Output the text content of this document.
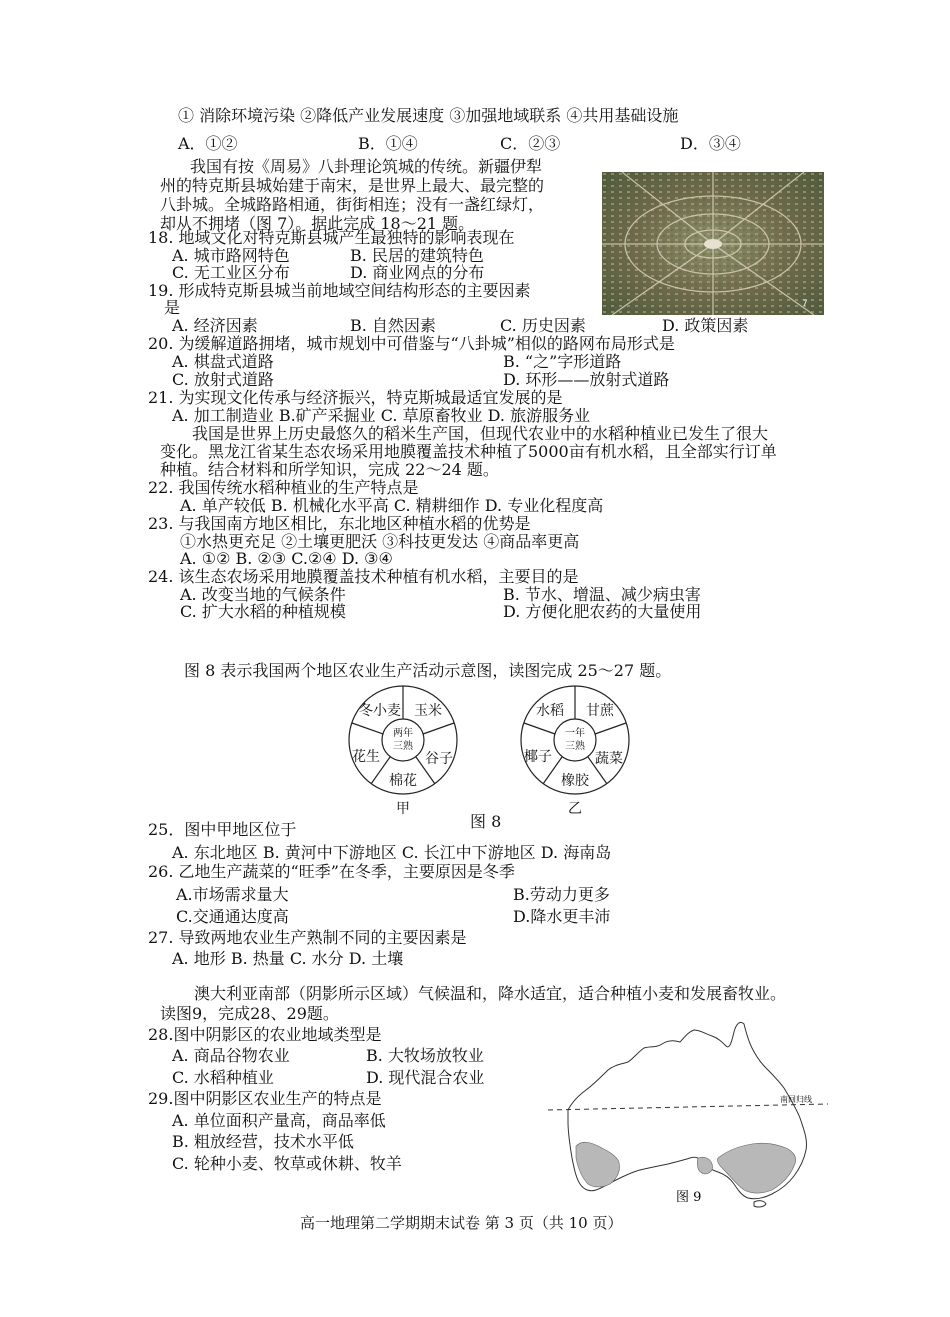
① 消除环境污染 ②降低产业发展速度 ③加强地域联系 ④共用基础设施
A．①②	B．①④	C．②③	D．③④
我国有按《周易》八卦理论筑城的传统。新疆伊犁
州的特克斯县城始建于南宋，是世界上最大、最完整的
八卦城。全城路路相通，街街相连；没有一盏红绿灯，
却从不拥堵（图 7）。据此完成 18～21 题。
7
18. 地域文化对特克斯县城产生最独特的影响表现在
A. 城市路网特色	B. 民居的建筑特色
C. 无工业区分布	D. 商业网点的分布
19. 形成特克斯县城当前地域空间结构形态的主要因素
是
A. 经济因素	B. 自然因素	C. 历史因素	D. 政策因素
20. 为缓解道路拥堵，城市规划中可借鉴与“八卦城”相似的路网布局形式是
A. 棋盘式道路	B. “之”字形道路
C. 放射式道路	D. 环形——放射式道路
21. 为实现文化传承与经济振兴，特克斯城最适宜发展的是
A. 加工制造业 B.矿产采掘业 C. 草原畜牧业 D. 旅游服务业
我国是世界上历史最悠久的稻米生产国，但现代农业中的水稻种植业已发生了很大
变化。黑龙江省某生态农场采用地膜覆盖技术种植了5000亩有机水稻，且全部实行订单
种植。结合材料和所学知识，完成 22～24 题。
22. 我国传统水稻种植业的生产特点是
A. 单产较低 B. 机械化水平高 C. 精耕细作 D. 专业化程度高
23. 与我国南方地区相比，东北地区种植水稻的优势是
①水热更充足 ②土壤更肥沃 ③科技更发达 ④商品率更高
A. ①② B. ②③ C.②④ D. ③④
24. 该生态农场采用地膜覆盖技术种植有机水稻，主要目的是
A. 改变当地的气候条件	B. 节水、增温、减少病虫害
C. 扩大水稻的种植规模	D. 方便化肥农药的大量使用
图 8 表示我国两个地区农业生产活动示意图，读图完成 25～27 题。
两年
三熟
冬小麦 玉米
谷子
棉花
花生
甲
一年
三熟
水稻 甘蔗
蔬菜
橡胶
椰子
乙
图 8
25．图中甲地区位于
A. 东北地区 B. 黄河中下游地区 C. 长江中下游地区 D. 海南岛
26. 乙地生产蔬菜的“旺季”在冬季，主要原因是冬季
A.市场需求量大	B.劳动力更多
C.交通通达度高	D.降水更丰沛
27. 导致两地农业生产熟制不同的主要因素是
A. 地形 B. 热量 C. 水分 D. 土壤
澳大利亚南部（阴影所示区域）气候温和，降水适宜，适合种植小麦和发展畜牧业。
读图9，完成28、29题。
28.图中阴影区的农业地域类型是
A. 商品谷物农业	B. 大牧场放牧业
C. 水稻种植业	D. 现代混合农业
29.图中阴影区农业生产的特点是
A. 单位面积产量高，商品率低
B. 粗放经营，技术水平低
C. 轮种小麦、牧草或休耕、牧羊
南回归线
图 9
高一地理第二学期期末试卷 第 3 页（共 10 页）
